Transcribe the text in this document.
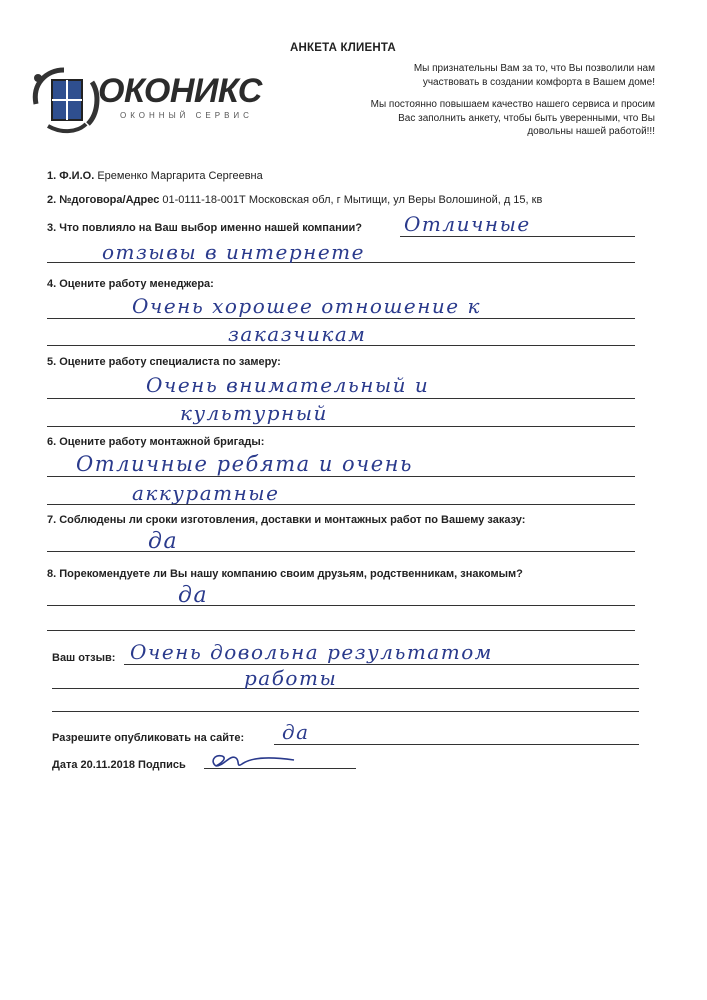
АНКЕТА КЛИЕНТА
Мы признательны Вам за то, что Вы позволили нам
участвовать в создании комфорта в Вашем доме!
Мы постоянно повышаем качество нашего сервиса и просим
Вас заполнить анкету, чтобы быть уверенными, что Вы
довольны нашей работой!!!
ОКОНИКС
ОКОННЫЙ СЕРВИС
1. Ф.И.О. Еременко Маргарита Сергеевна
2. №договора/Адрес 01-0111-18-001Т Московская обл, г Мытищи, ул Веры Волошиной, д 15, кв
3. Что повлияло на Ваш выбор именно нашей компании? Отличные
отзывы в интернете
4. Оцените работу менеджера:
Очень хорошее отношение к
заказчикам
5. Оцените работу специалиста по замеру:
Очень внимательный и
культурный
6. Оцените работу монтажной бригады:
Отличные ребята и очень
аккуратные
7. Соблюдены ли сроки изготовления, доставки и монтажных работ по Вашему заказу:
да
8. Порекомендуете ли Вы нашу компанию своим друзьям, родственникам, знакомым?
да
Ваш отзыв: Очень довольна результатом
работы
Разрешите опубликовать на сайте: да
Дата 20.11.2018 Подпись
